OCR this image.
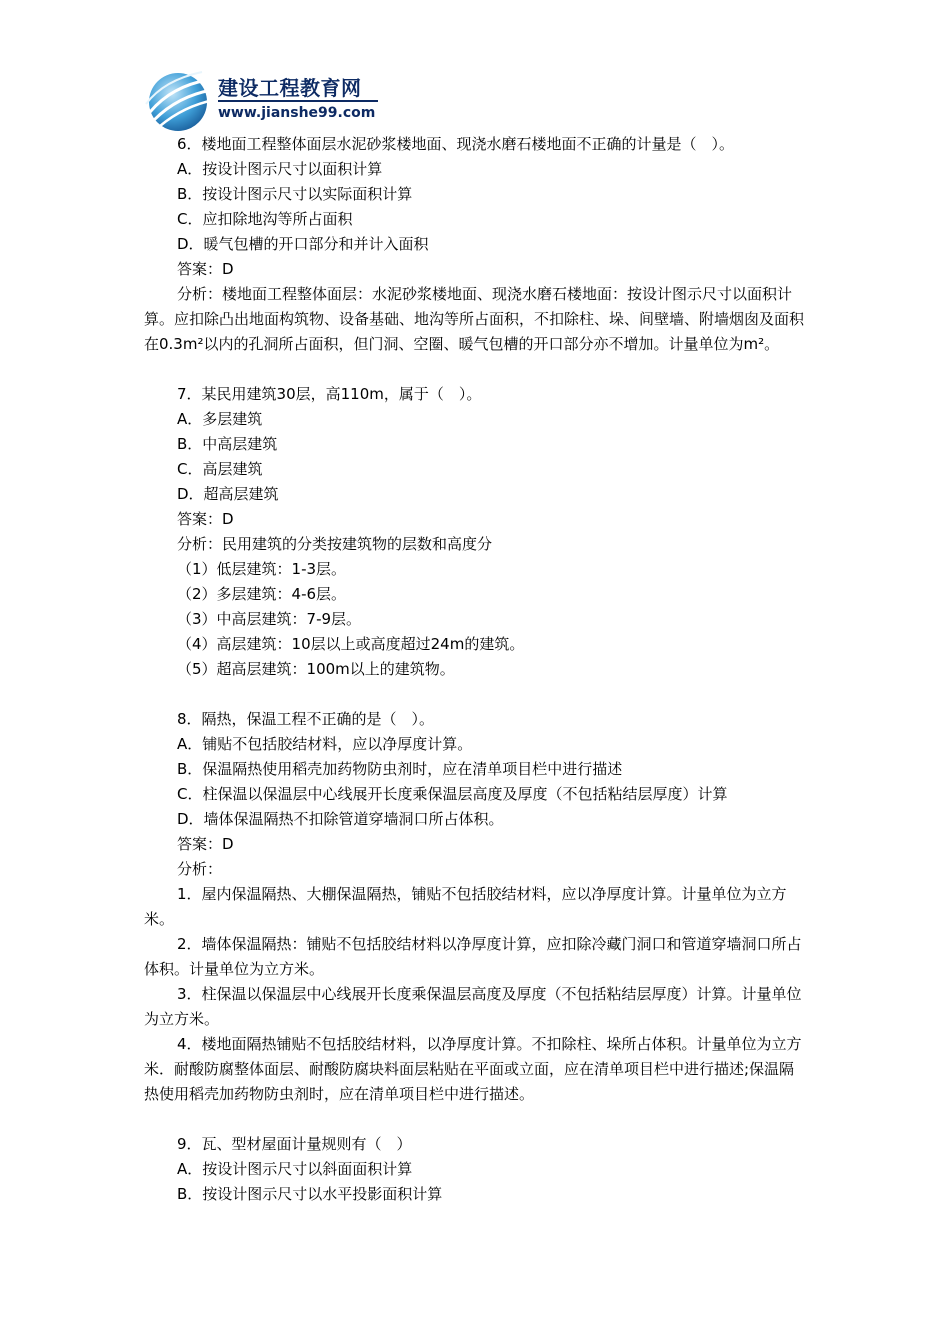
建设工程教育网
www.jianshe99.com
6．楼地面工程整体面层水泥砂浆楼地面、现浇水磨石楼地面不正确的计量是（　）。
A．按设计图示尺寸以面积计算
B．按设计图示尺寸以实际面积计算
C．应扣除地沟等所占面积
D．暖气包槽的开口部分和并计入面积
答案：D
分析：楼地面工程整体面层：水泥砂浆楼地面、现浇水磨石楼地面：按设计图示尺寸以面积计算。应扣除凸出地面构筑物、设备基础、地沟等所占面积，不扣除柱、垛、间壁墙、附墙烟囱及面积在0.3m²以内的孔洞所占面积，但门洞、空圈、暖气包槽的开口部分亦不增加。计量单位为m²。
7．某民用建筑30层，高110m，属于（　）。
A．多层建筑
B．中高层建筑
C．高层建筑
D．超高层建筑
答案：D
分析：民用建筑的分类按建筑物的层数和高度分
（1）低层建筑：1-3层。
（2）多层建筑：4-6层。
（3）中高层建筑：7-9层。
（4）高层建筑：10层以上或高度超过24m的建筑。
（5）超高层建筑：100m以上的建筑物。
8．隔热，保温工程不正确的是（　）。
A．铺贴不包括胶结材料，应以净厚度计算。
B．保温隔热使用稻壳加药物防虫剂时，应在清单项目栏中进行描述
C．柱保温以保温层中心线展开长度乘保温层高度及厚度（不包括粘结层厚度）计算
D．墙体保温隔热不扣除管道穿墙洞口所占体积。
答案：D
分析：
1．屋内保温隔热、大棚保温隔热，铺贴不包括胶结材料，应以净厚度计算。计量单位为立方米。
2．墙体保温隔热：铺贴不包括胶结材料以净厚度计算，应扣除冷藏门洞口和管道穿墙洞口所占体积。计量单位为立方米。
3．柱保温以保温层中心线展开长度乘保温层高度及厚度（不包括粘结层厚度）计算。计量单位为立方米。
4．楼地面隔热铺贴不包括胶结材料，以净厚度计算。不扣除柱、垛所占体积。计量单位为立方米．耐酸防腐整体面层、耐酸防腐块料面层粘贴在平面或立面，应在清单项目栏中进行描述;保温隔热使用稻壳加药物防虫剂时，应在清单项目栏中进行描述。
9．瓦、型材屋面计量规则有（　）
A．按设计图示尺寸以斜面面积计算
B．按设计图示尺寸以水平投影面积计算
